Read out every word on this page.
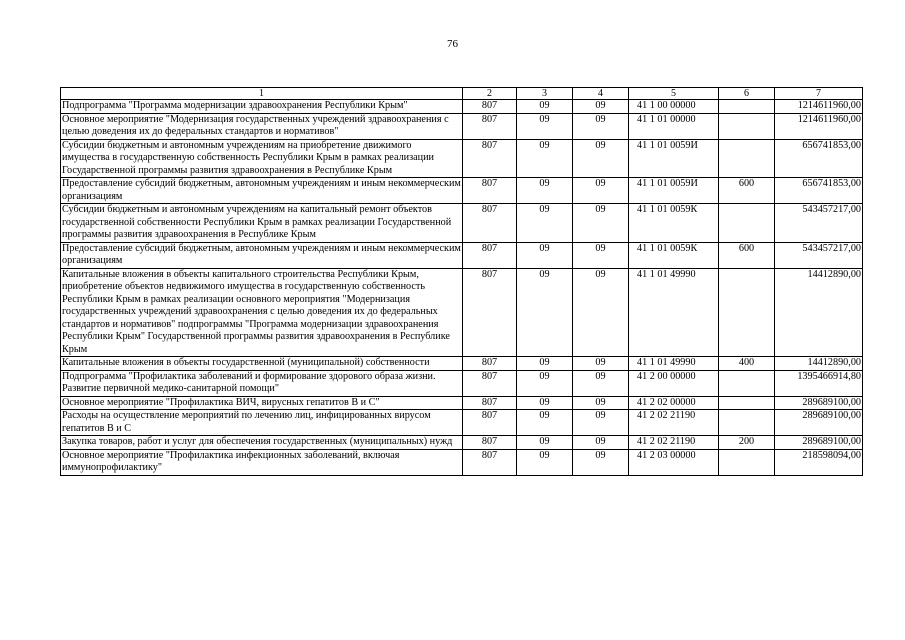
76
1	2	3	4	5	6	7
Подпрограмма "Программа модернизации здравоохранения Республики Крым"	807	09	09	41 1 00 00000		1214611960,00
Основное мероприятие "Модернизация государственных учреждений здравоохранения с целью доведения их до федеральных стандартов и нормативов"	807	09	09	41 1 01 00000		1214611960,00
Субсидии бюджетным и автономным учреждениям на приобретение движимого имущества в государственную собственность Республики Крым в рамках реализации Государственной программы развития здравоохранения в Республике Крым	807	09	09	41 1 01 0059И		656741853,00
Предоставление субсидий бюджетным, автономным учреждениям и иным некоммерческим организациям	807	09	09	41 1 01 0059И	600	656741853,00
Субсидии бюджетным и автономным учреждениям на капитальный ремонт объектов государственной собственности Республики Крым в рамках реализации Государственной программы развития здравоохранения в Республике Крым	807	09	09	41 1 01 0059К		543457217,00
Предоставление субсидий бюджетным, автономным учреждениям и иным некоммерческим организациям	807	09	09	41 1 01 0059К	600	543457217,00
Капитальные вложения в объекты капитального строительства Республики Крым, приобретение объектов недвижимого имущества в государственную собственность Республики Крым в рамках реализации основного мероприятия "Модернизация государственных учреждений здравоохранения с целью доведения их до федеральных стандартов и нормативов" подпрограммы "Программа модернизации здравоохранения Республики Крым" Государственной программы развития здравоохранения в Республике Крым	807	09	09	41 1 01 49990		14412890,00
Капитальные вложения в объекты государственной (муниципальной) собственности	807	09	09	41 1 01 49990	400	14412890,00
Подпрограмма "Профилактика заболеваний и формирование здорового образа жизни. Развитие первичной медико-санитарной помощи"	807	09	09	41 2 00 00000		1395466914,80
Основное мероприятие "Профилактика ВИЧ, вирусных гепатитов В и С"	807	09	09	41 2 02 00000		289689100,00
Расходы на осуществление мероприятий по лечению лиц, инфицированных вирусом гепатитов В и С	807	09	09	41 2 02 21190		289689100,00
Закупка товаров, работ и услуг для обеспечения государственных (муниципальных) нужд	807	09	09	41 2 02 21190	200	289689100,00
Основное мероприятие "Профилактика инфекционных заболеваний, включая иммунопрофилактику"	807	09	09	41 2 03 00000		218598094,00
